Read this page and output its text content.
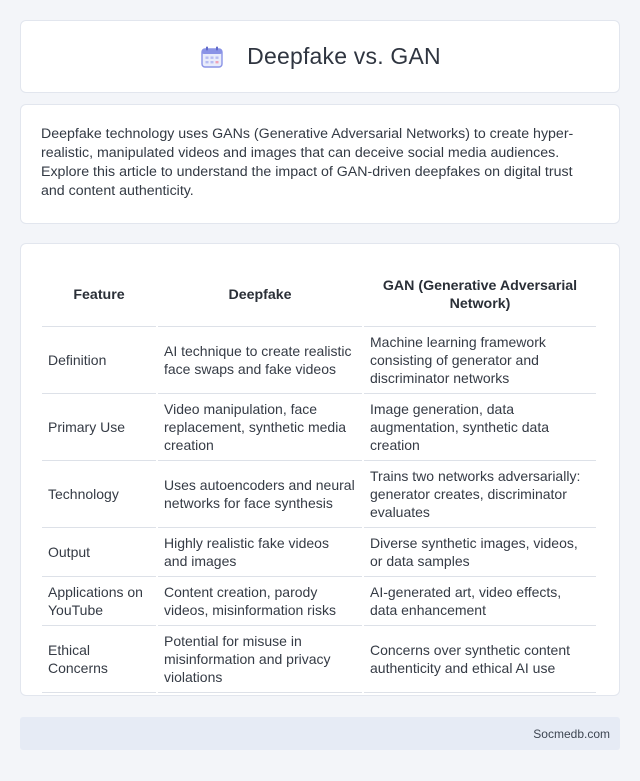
Deepfake vs. GAN

Deepfake technology uses GANs (Generative Adversarial Networks) to create hyper-realistic, manipulated videos and images that can deceive social media audiences. Explore this article to understand the impact of GAN-driven deepfakes on digital trust and content authenticity.

Feature	Deepfake	GAN (Generative Adversarial Network)
Definition	AI technique to create realistic face swaps and fake videos	Machine learning framework consisting of generator and discriminator networks
Primary Use	Video manipulation, face replacement, synthetic media creation	Image generation, data augmentation, synthetic data creation
Technology	Uses autoencoders and neural networks for face synthesis	Trains two networks adversarially: generator creates, discriminator evaluates
Output	Highly realistic fake videos and images	Diverse synthetic images, videos, or data samples
Applications on YouTube	Content creation, parody videos, misinformation risks	AI-generated art, video effects, data enhancement
Ethical Concerns	Potential for misuse in misinformation and privacy violations	Concerns over synthetic content authenticity and ethical AI use
Socmedb.com
